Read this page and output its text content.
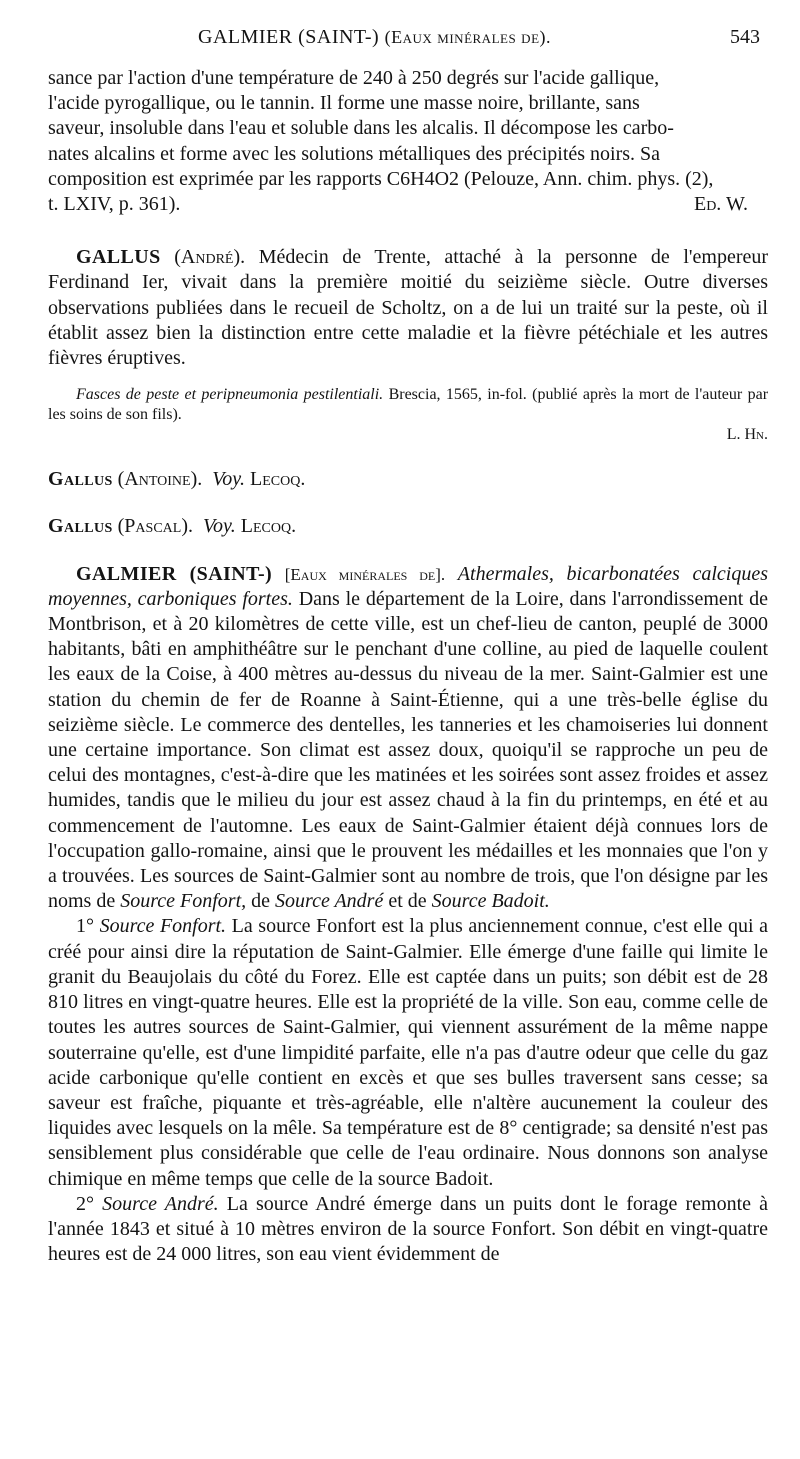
GALMIER (SAINT-) (Eaux minérales de).	543

sance par l'action d'une température de 240 à 250 degrés sur l'acide gallique,

l'acide pyrogallique, ou le tannin. Il forme une masse noire, brillante, sans

saveur, insoluble dans l'eau et soluble dans les alcalis. Il décompose les carbo-

nates alcalins et forme avec les solutions métalliques des précipités noirs. Sa

composition est exprimée par les rapports C6H4O2 (Pelouze, Ann. chim. phys. (2),

t. LXIV, p. 361).	Ed. W.

GALLUS (André). Médecin de Trente, attaché à la personne de l'empereur Ferdinand Ier, vivait dans la première moitié du seizième siècle. Outre diverses observations publiées dans le recueil de Scholtz, on a de lui un traité sur la peste, où il établit assez bien la distinction entre cette maladie et la fièvre pétéchiale et les autres fièvres éruptives.

Fasces de peste et peripneumonia pestilentiali. Brescia, 1565, in-fol. (publié après la mort de l'auteur par les soins de son fils).

L. Hn.

Gallus (Antoine). Voy. Lecoq.

Gallus (Pascal). Voy. Lecoq.

GALMIER (SAINT-) [Eaux minérales de]. Athermales, bicarbonatées calciques moyennes, carboniques fortes. Dans le département de la Loire, dans l'arrondissement de Montbrison, et à 20 kilomètres de cette ville, est un chef-lieu de canton, peuplé de 3000 habitants, bâti en amphithéâtre sur le penchant d'une colline, au pied de laquelle coulent les eaux de la Coise, à 400 mètres au-dessus du niveau de la mer. Saint-Galmier est une station du chemin de fer de Roanne à Saint-Étienne, qui a une très-belle église du seizième siècle. Le commerce des dentelles, les tanneries et les chamoiseries lui donnent une certaine importance. Son climat est assez doux, quoiqu'il se rapproche un peu de celui des montagnes, c'est-à-dire que les matinées et les soirées sont assez froides et assez humides, tandis que le milieu du jour est assez chaud à la fin du printemps, en été et au commencement de l'automne. Les eaux de Saint-Galmier étaient déjà connues lors de l'occupation gallo-romaine, ainsi que le prouvent les médailles et les monnaies que l'on y a trouvées. Les sources de Saint-Galmier sont au nombre de trois, que l'on désigne par les noms de Source Fonfort, de Source André et de Source Badoit.

1° Source Fonfort. La source Fonfort est la plus anciennement connue, c'est elle qui a créé pour ainsi dire la réputation de Saint-Galmier. Elle émerge d'une faille qui limite le granit du Beaujolais du côté du Forez. Elle est captée dans un puits; son débit est de 28 810 litres en vingt-quatre heures. Elle est la propriété de la ville. Son eau, comme celle de toutes les autres sources de Saint-Galmier, qui viennent assurément de la même nappe souterraine qu'elle, est d'une limpidité parfaite, elle n'a pas d'autre odeur que celle du gaz acide carbonique qu'elle contient en excès et que ses bulles traversent sans cesse; sa saveur est fraîche, piquante et très-agréable, elle n'altère aucunement la couleur des liquides avec lesquels on la mêle. Sa température est de 8° centigrade; sa densité n'est pas sensiblement plus considérable que celle de l'eau ordinaire. Nous donnons son analyse chimique en même temps que celle de la source Badoit.

2° Source André. La source André émerge dans un puits dont le forage remonte à l'année 1843 et situé à 10 mètres environ de la source Fonfort. Son débit en vingt-quatre heures est de 24 000 litres, son eau vient évidemment de
